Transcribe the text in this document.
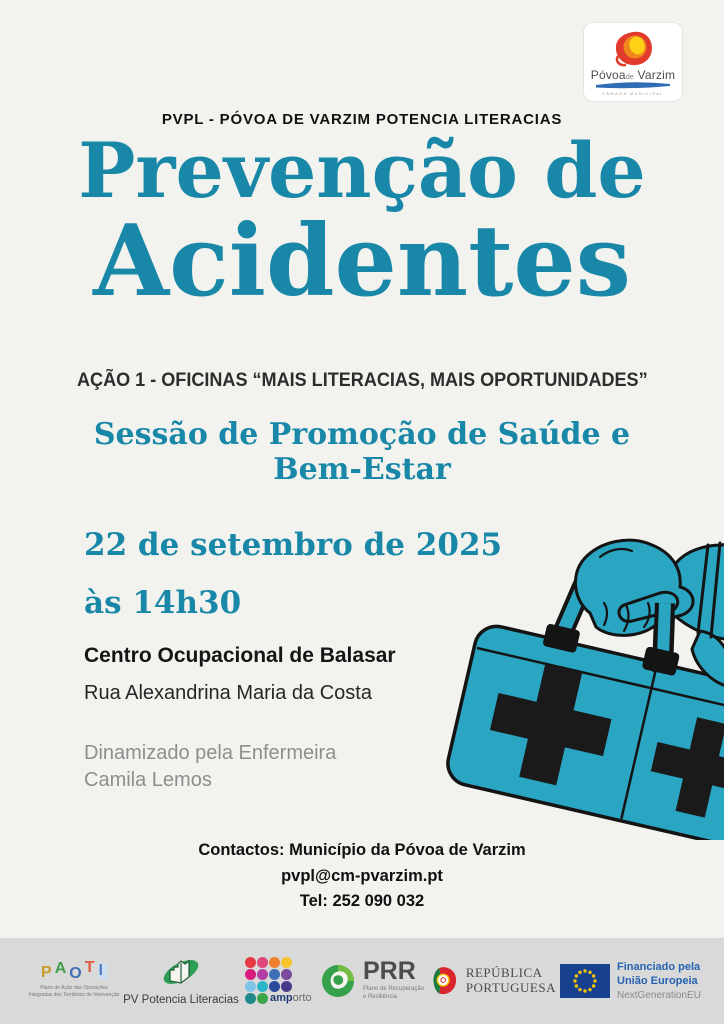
Póvoade Varzim
CÂMARA MUNICIPAL
PVPL - PÓVOA DE VARZIM POTENCIA LITERACIAS
Prevenção de
Acidentes
AÇÃO 1 - OFICINAS “MAIS LITERACIAS, MAIS OPORTUNIDADES”
Sessão de Promoção de Saúde e
Bem-Estar
22 de setembro de 2025
às 14h30
Centro Ocupacional de Balasar
Rua Alexandrina Maria da Costa
Dinamizado pela Enfermeira
Camila Lemos
Contactos: Município da Póvoa de Varzim
pvpl@cm-pvarzim.pt
Tel: 252 090 032
PAOTI
Plano de Ação das Operações
Integradas dos Territórios de Intervenção PV Potencia Literacias	amporto
PRR
Plano de Recuperação
e Resiliência
REPÚBLICA
PORTUGUESA
Financiado pela
União Europeia
NextGenerationEU
